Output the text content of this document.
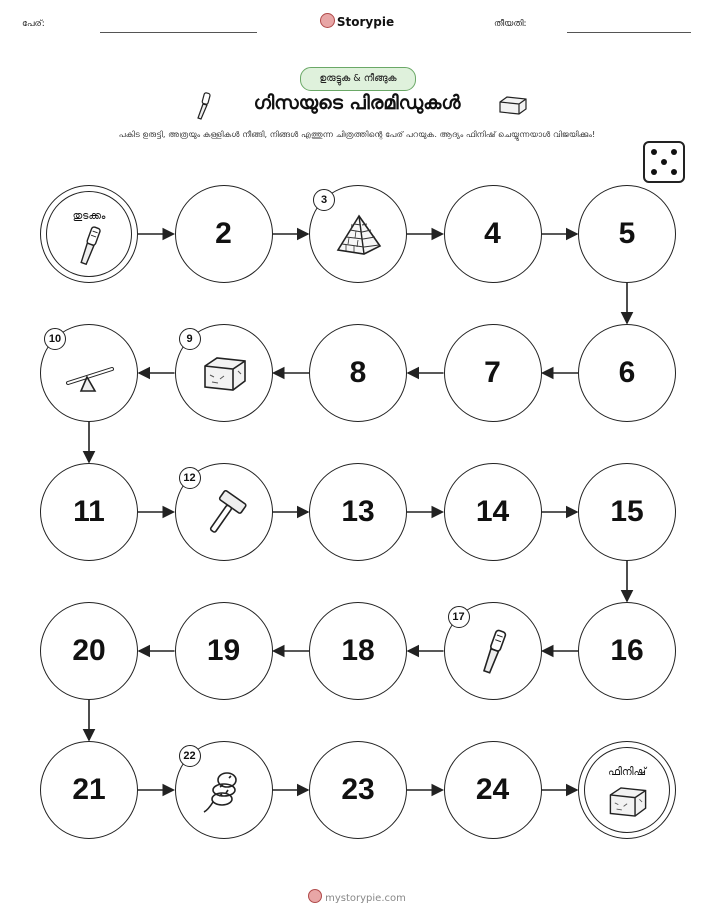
പേര്:	Storypie	തീയതി:
ഉരുട്ടുക & നീങ്ങുക
ഗിസയുടെ പിരമിഡുകൾ
പകിട ഉരുട്ടി, അത്രയും കള്ളികൾ നീങ്ങി, നിങ്ങൾ എത്തുന്ന ചിത്രത്തിന്റെ പേര് പറയുക. ആദ്യം ഫിനിഷ് ചെയ്യുന്നയാൾ വിജയിക്കും!
തുടക്കം
2
3
4	5
6
7
8
9
10
11
12
13	14	15
16
17
18
19
20
21
22
23	24
ഫിനിഷ്
mystorypie.com
